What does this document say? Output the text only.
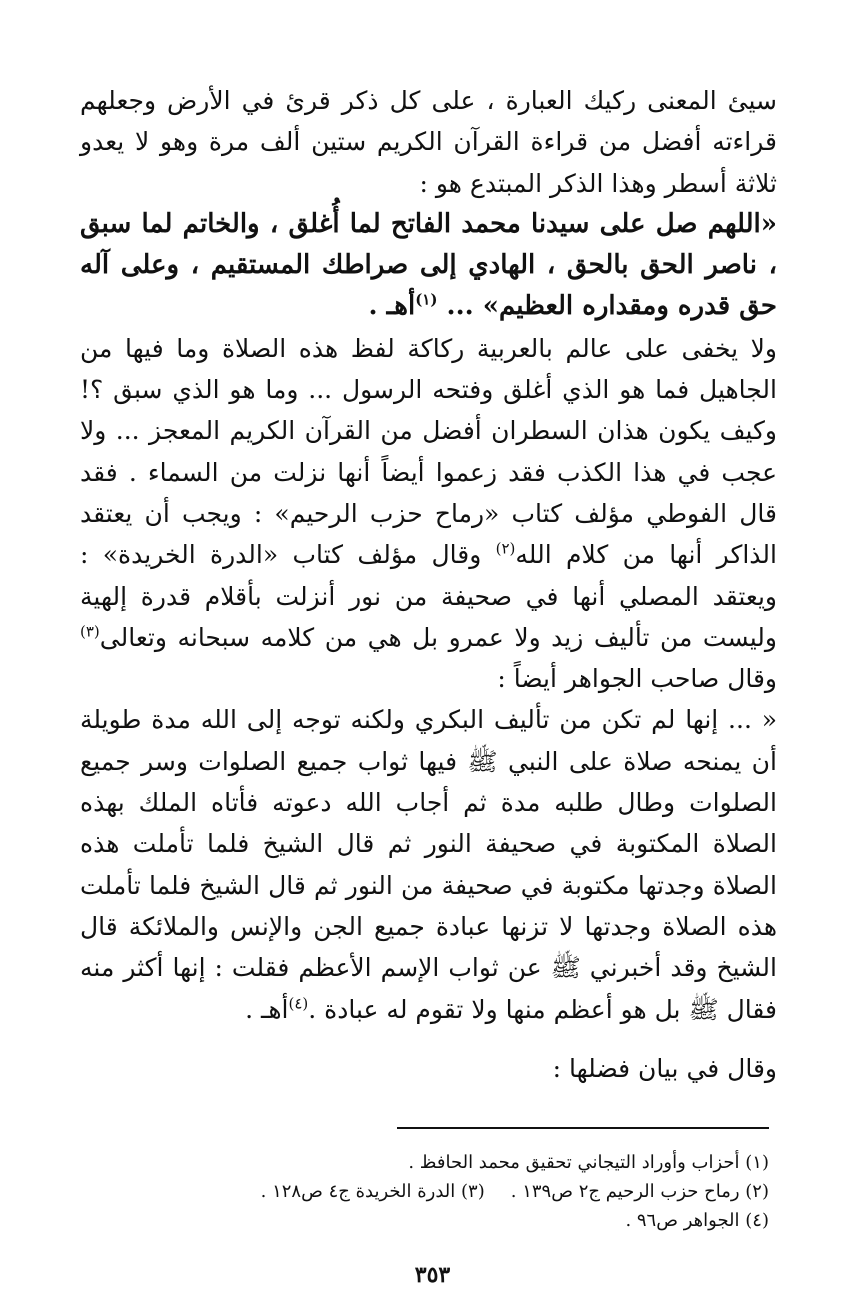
سيئ المعنى ركيك العبارة ، على كل ذكر قرئ في الأرض وجعلهم قراءته أفضل من قراءة القرآن الكريم ستين ألف مرة وهو لا يعدو ثلاثة أسطر وهذا الذكر المبتدع هو :

«اللهم صل على سيدنا محمد الفاتح لما أُغلق ، والخاتم لما سبق ، ناصر الحق بالحق ، الهادي إلى صراطك المستقيم ، وعلى آله حق قدره ومقداره العظيم» ... $^{(١)}$أهـ .

ولا يخفى على عالم بالعربية ركاكة لفظ هذه الصلاة وما فيها من الجاهيل فما هو الذي أغلق وفتحه الرسول ... وما هو الذي سبق ؟! وكيف يكون هذان السطران أفضل من القرآن الكريم المعجز ... ولا عجب في هذا الكذب فقد زعموا أيضاً أنها نزلت من السماء . فقد قال الفوطي مؤلف كتاب «رماح حزب الرحيم» : ويجب أن يعتقد الذاكر أنها من كلام الله$^{(٢)}$ وقال مؤلف كتاب «الدرة الخريدة» : ويعتقد المصلي أنها في صحيفة من نور أنزلت بأقلام قدرة إلهية وليست من تأليف زيد ولا عمرو بل هي من كلامه سبحانه وتعالى$^{(٣)}$ وقال صاحب الجواهر أيضاً :

« ... إنها لم تكن من تأليف البكري ولكنه توجه إلى الله مدة طويلة أن يمنحه صلاة على النبي ﷺ فيها ثواب جميع الصلوات وسر جميع الصلوات وطال طلبه مدة ثم أجاب الله دعوته فأتاه الملك بهذه الصلاة المكتوبة في صحيفة النور ثم قال الشيخ فلما تأملت هذه الصلاة وجدتها مكتوبة في صحيفة من النور ثم قال الشيخ فلما تأملت هذه الصلاة وجدتها لا تزنها عبادة جميع الجن والإنس والملائكة قال الشيخ وقد أخبرني ﷺ عن ثواب الإسم الأعظم فقلت : إنها أكثر منه فقال ﷺ بل هو أعظم منها ولا تقوم له عبادة .$^{(٤)}$أهـ .

وقال في بيان فضلها :

(١) أحزاب وأوراد التيجاني تحقيق محمد الحافظ .
(٢) رماح حزب الرحيم ج٢ ص١٣٩ .(٣) الدرة الخريدة ج٤ ص١٢٨ .
(٤) الجواهر ص٩٦ .
٣٥٣
